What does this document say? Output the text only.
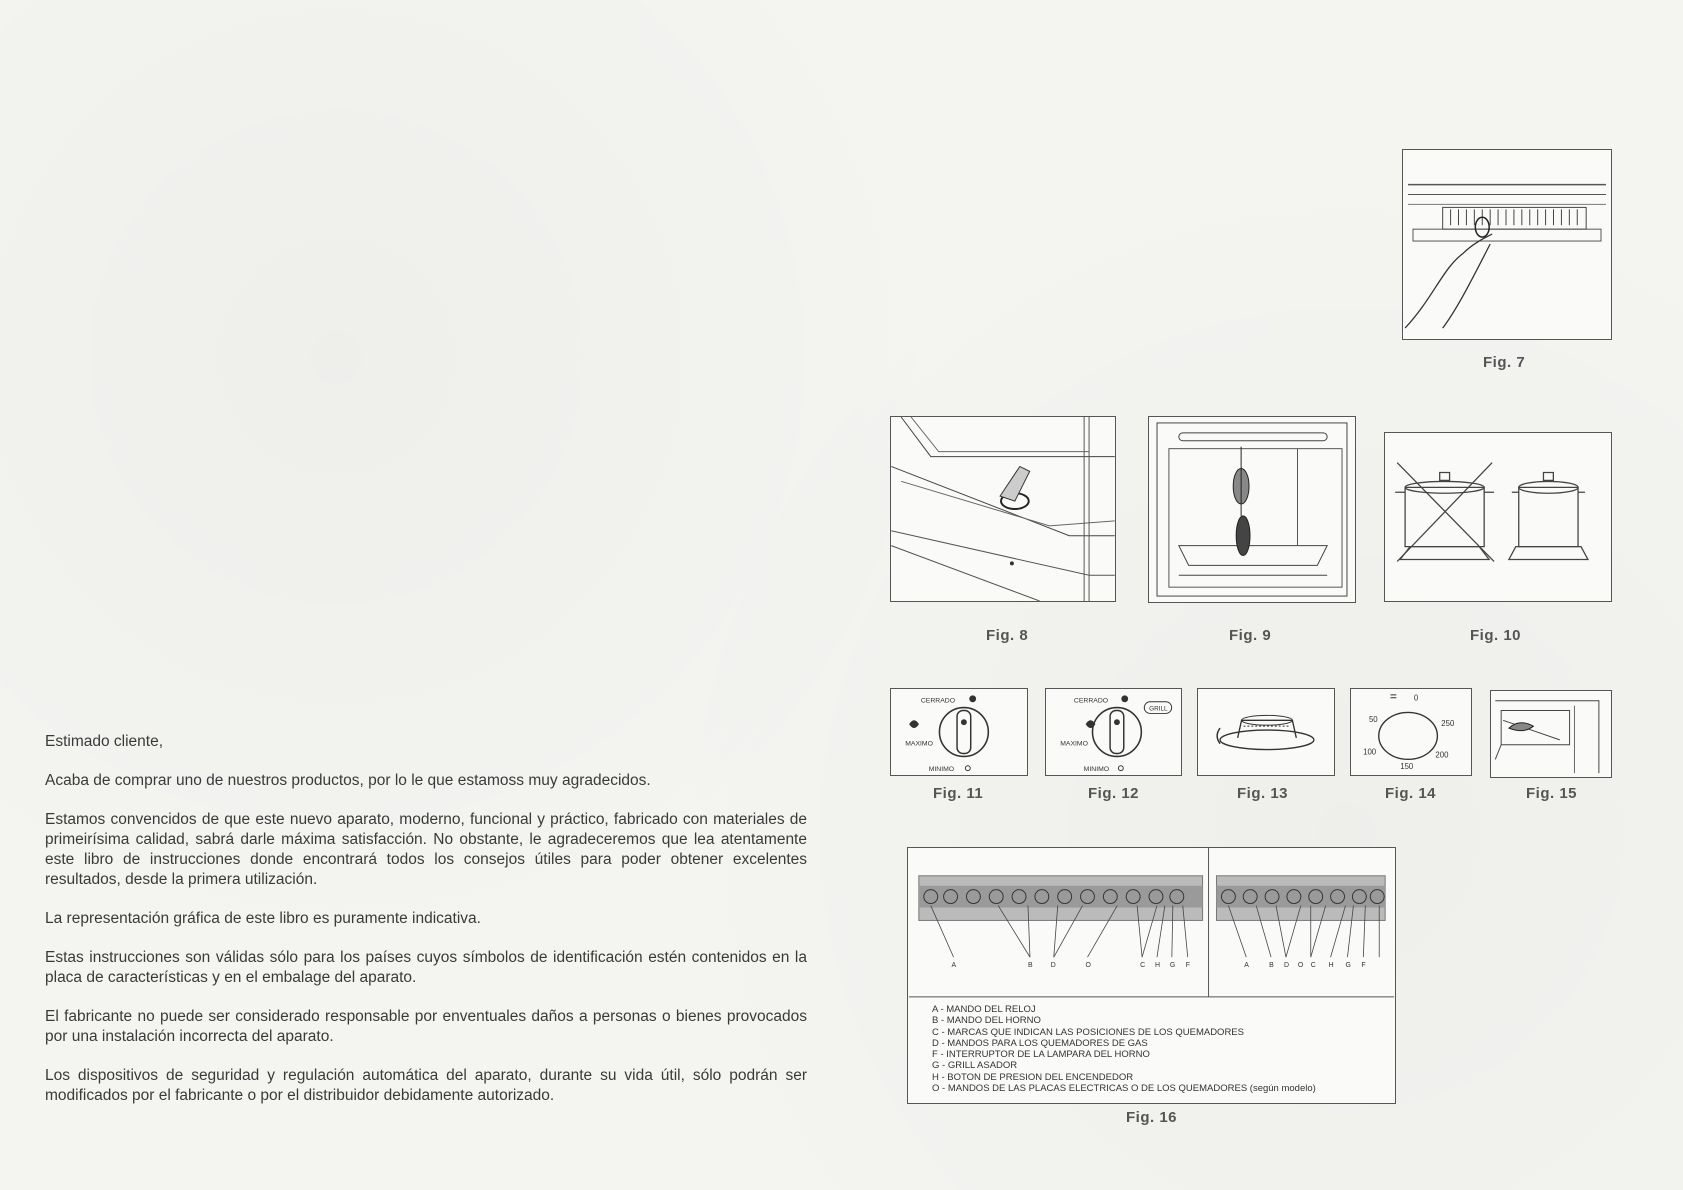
Estimado cliente,

Acaba de comprar uno de nuestros productos, por lo le que estamoss muy agradecidos.

Estamos convencidos de que este nuevo aparato, moderno, funcional y práctico, fabricado con materiales de primeirísima calidad, sabrá darle máxima satisfacción. No obstante, le agradeceremos que lea atentamente este libro de instrucciones donde encontrará todos los consejos útiles para poder obtener excelentes resultados, desde la primera utilización.

La representación gráfica de este libro es puramente indicativa.

Estas instrucciones son válidas sólo para los países cuyos símbolos de identificación estén contenidos en la placa de características y en el embalage del aparato.

El fabricante no puede ser considerado responsable por enventuales daños a personas o bienes provocados por una instalación incorrecta del aparato.

Los dispositivos de seguridad y regulación automática del aparato, durante su vida útil, sólo podrán ser modificados por el fabricante o por el distribuidor debidamente autorizado.

Fig. 7
Fig. 8	Fig. 9	Fig. 10
CERRADO
MAXIMO
MINIMO
Fig. 11
CERRADO
GRILL
MAXIMO
MINIMO
Fig. 12	Fig. 13
0
50	250
100
150
200
Fig. 14	Fig. 15
A	B	D	O	C H G F	A	B D O C H G F
A - MANDO DEL RELOJ
B - MANDO DEL HORNO
C - MARCAS QUE INDICAN LAS POSICIONES DE LOS QUEMADORES
D - MANDOS PARA LOS QUEMADORES DE GAS
F - INTERRUPTOR DE LA LAMPARA DEL HORNO
G - GRILL ASADOR
H - BOTON DE PRESION DEL ENCENDEDOR
O - MANDOS DE LAS PLACAS ELECTRICAS O DE LOS QUEMADORES (según modelo)
Fig. 16
